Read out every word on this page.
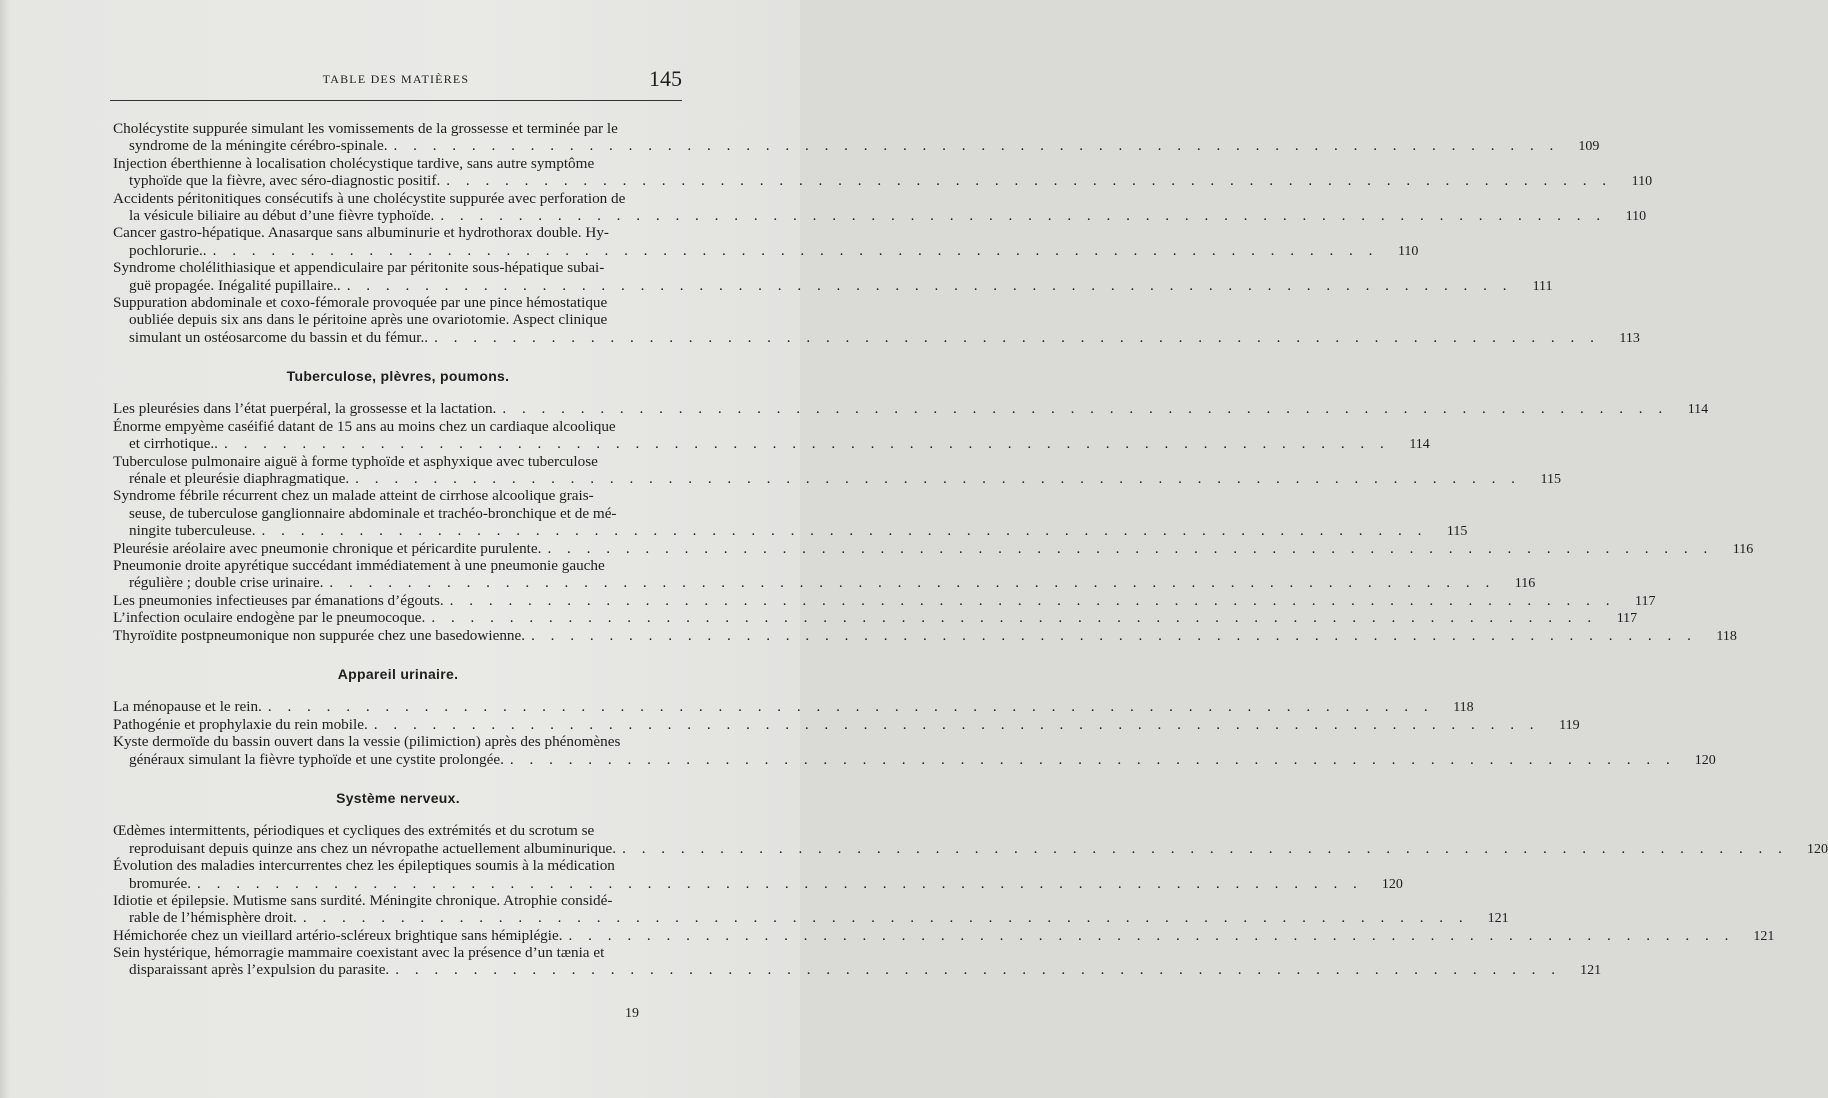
TABLE DES MATIÈRES	145
Cholécystite suppurée simulant les vomissements de la grossesse et terminée par le
syndrome de la méningite cérébro-spinale. . . . . . . . . . . . . . . . . . . . . . . . . . . . . . . . . . . . . . . . . . . . . . . . . . . . . . . . . . . . .	109
Injection éberthienne à localisation cholécystique tardive, sans autre symptôme
typhoïde que la fièvre, avec séro-diagnostic positif. . . . . . . . . . . . . . . . . . . . . . . . . . . . . . . . . . . . . . . . . . . . . . . . . . . . . . . . . . . . .	110
Accidents péritonitiques consécutifs à une cholécystite suppurée avec perforation de
la vésicule biliaire au début d’une fièvre typhoïde. . . . . . . . . . . . . . . . . . . . . . . . . . . . . . . . . . . . . . . . . . . . . . . . . . . . . . . . . . . . .	110
Cancer gastro-hépatique. Anasarque sans albuminurie et hydrothorax double. Hy-
pochlorurie.. . . . . . . . . . . . . . . . . . . . . . . . . . . . . . . . . . . . . . . . . . . . . . . . . . . . . . . . . . . . .	110
Syndrome cholélithiasique et appendiculaire par péritonite sous-hépatique subai-
guë propagée. Inégalité pupillaire.. . . . . . . . . . . . . . . . . . . . . . . . . . . . . . . . . . . . . . . . . . . . . . . . . . . . . . . . . . . . .	111
Suppuration abdominale et coxo-fémorale provoquée par une pince hémostatique
oubliée depuis six ans dans le péritoine après une ovariotomie. Aspect clinique
simulant un ostéosarcome du bassin et du fémur.. . . . . . . . . . . . . . . . . . . . . . . . . . . . . . . . . . . . . . . . . . . . . . . . . . . . . . . . . . . . .	113
Tuberculose, plèvres, poumons.
Les pleurésies dans l’état puerpéral, la grossesse et la lactation. . . . . . . . . . . . . . . . . . . . . . . . . . . . . . . . . . . . . . . . . . . . . . . . . . . . . . . . . . . . .	114
Énorme empyème caséifié datant de 15 ans au moins chez un cardiaque alcoolique
et cirrhotique.. . . . . . . . . . . . . . . . . . . . . . . . . . . . . . . . . . . . . . . . . . . . . . . . . . . . . . . . . . . . .	114
Tuberculose pulmonaire aiguë à forme typhoïde et asphyxique avec tuberculose
rénale et pleurésie diaphragmatique. . . . . . . . . . . . . . . . . . . . . . . . . . . . . . . . . . . . . . . . . . . . . . . . . . . . . . . . . . . . .	115
Syndrome fébrile récurrent chez un malade atteint de cirrhose alcoolique grais-
seuse, de tuberculose ganglionnaire abdominale et trachéo-bronchique et de mé-
ningite tuberculeuse. . . . . . . . . . . . . . . . . . . . . . . . . . . . . . . . . . . . . . . . . . . . . . . . . . . . . . . . . . . . .	115
Pleurésie aréolaire avec pneumonie chronique et péricardite purulente. . . . . . . . . . . . . . . . . . . . . . . . . . . . . . . . . . . . . . . . . . . . . . . . . . . . . . . . . . . . .	116
Pneumonie droite apyrétique succédant immédiatement à une pneumonie gauche
régulière ; double crise urinaire. . . . . . . . . . . . . . . . . . . . . . . . . . . . . . . . . . . . . . . . . . . . . . . . . . . . . . . . . . . . .	116
Les pneumonies infectieuses par émanations d’égouts. . . . . . . . . . . . . . . . . . . . . . . . . . . . . . . . . . . . . . . . . . . . . . . . . . . . . . . . . . . . .	117
L’infection oculaire endogène par le pneumocoque. . . . . . . . . . . . . . . . . . . . . . . . . . . . . . . . . . . . . . . . . . . . . . . . . . . . . . . . . . . . .	117
Thyroïdite postpneumonique non suppurée chez une basedowienne. . . . . . . . . . . . . . . . . . . . . . . . . . . . . . . . . . . . . . . . . . . . . . . . . . . . . . . . . . . . .	118
Appareil urinaire.
La ménopause et le rein. . . . . . . . . . . . . . . . . . . . . . . . . . . . . . . . . . . . . . . . . . . . . . . . . . . . . . . . . . . . .	118
Pathogénie et prophylaxie du rein mobile. . . . . . . . . . . . . . . . . . . . . . . . . . . . . . . . . . . . . . . . . . . . . . . . . . . . . . . . . . . . .	119
Kyste dermoïde du bassin ouvert dans la vessie (pilimiction) après des phénomènes
généraux simulant la fièvre typhoïde et une cystite prolongée. . . . . . . . . . . . . . . . . . . . . . . . . . . . . . . . . . . . . . . . . . . . . . . . . . . . . . . . . . . . .	120
Système nerveux.
Œdèmes intermittents, périodiques et cycliques des extrémités et du scrotum se
reproduisant depuis quinze ans chez un névropathe actuellement albuminurique. . . . . . . . . . . . . . . . . . . . . . . . . . . . . . . . . . . . . . . . . . . . . . . . . . . . . . . . . . . . .	120
Évolution des maladies intercurrentes chez les épileptiques soumis à la médication
bromurée. . . . . . . . . . . . . . . . . . . . . . . . . . . . . . . . . . . . . . . . . . . . . . . . . . . . . . . . . . . . .	120
Idiotie et épilepsie. Mutisme sans surdité. Méningite chronique. Atrophie considé-
rable de l’hémisphère droit. . . . . . . . . . . . . . . . . . . . . . . . . . . . . . . . . . . . . . . . . . . . . . . . . . . . . . . . . . . . .	121
Hémichorée chez un vieillard artério-scléreux brightique sans hémiplégie. . . . . . . . . . . . . . . . . . . . . . . . . . . . . . . . . . . . . . . . . . . . . . . . . . . . . . . . . . . . .	121
Sein hystérique, hémorragie mammaire coexistant avec la présence d’un tænia et
disparaissant après l’expulsion du parasite. . . . . . . . . . . . . . . . . . . . . . . . . . . . . . . . . . . . . . . . . . . . . . . . . . . . . . . . . . . . .	121
19
